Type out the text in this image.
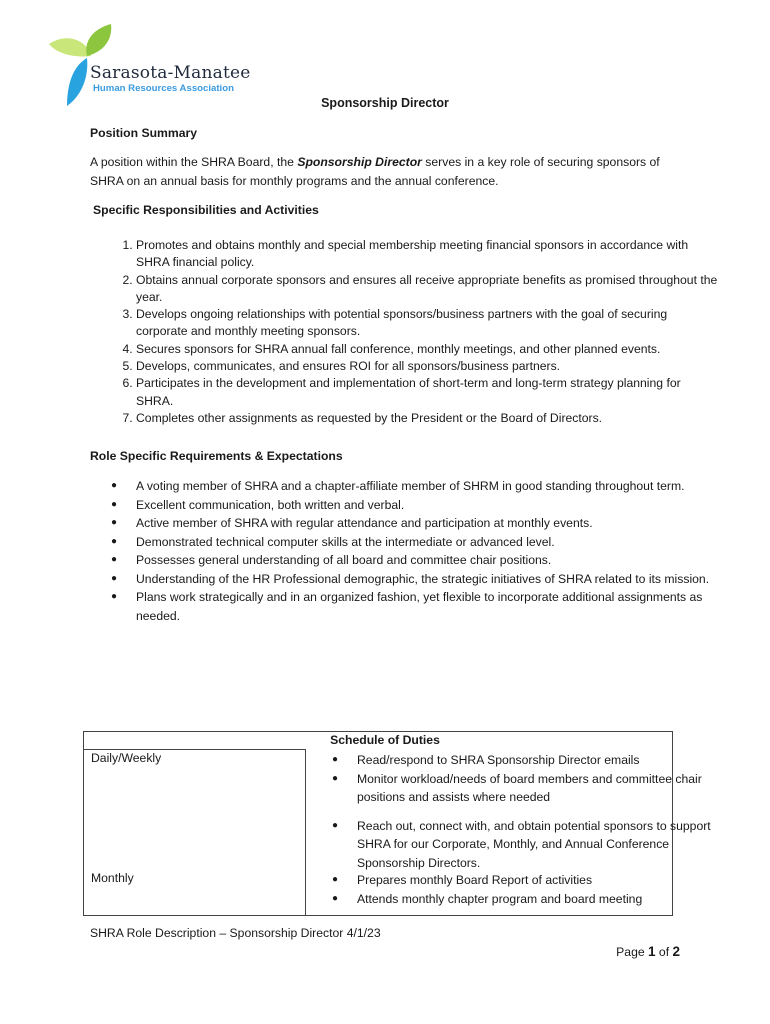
Sarasota-Manatee
Human Resources Association
Sponsorship Director
Position Summary
A position within the SHRA Board, the Sponsorship Director serves in a key role of securing sponsors of SHRA on an annual basis for monthly programs and the annual conference.
Specific Responsibilities and Activities
1. Promotes and obtains monthly and special membership meeting financial sponsors in accordance with SHRA financial policy.
2. Obtains annual corporate sponsors and ensures all receive appropriate benefits as promised throughout the year.
3. Develops ongoing relationships with potential sponsors/business partners with the goal of securing corporate and monthly meeting sponsors.
4. Secures sponsors for SHRA annual fall conference, monthly meetings, and other planned events.
5. Develops, communicates, and ensures ROI for all sponsors/business partners.
6. Participates in the development and implementation of short-term and long-term strategy planning for SHRA.
7. Completes other assignments as requested by the President or the Board of Directors.
Role Specific Requirements & Expectations
● A voting member of SHRA and a chapter-affiliate member of SHRM in good standing throughout term.
● Excellent communication, both written and verbal.
● Active member of SHRA with regular attendance and participation at monthly events.
● Demonstrated technical computer skills at the intermediate or advanced level.
● Possesses general understanding of all board and committee chair positions.
● Understanding of the HR Professional demographic, the strategic initiatives of SHRA related to its mission.
● Plans work strategically and in an organized fashion, yet flexible to incorporate additional assignments as needed.
Schedule of Duties
Daily/Weekly	● Read/respond to SHRA Sponsorship Director emails
● Monitor workload/needs of board members and committee chair positions and assists where needed
● Reach out, connect with, and obtain potential sponsors to support SHRA for our Corporate, Monthly, and Annual Conference Sponsorship Directors.
Monthly	● Prepares monthly Board Report of activities
● Attends monthly chapter program and board meeting
SHRA Role Description – Sponsorship Director 4/1/23
Page 1 of 2
